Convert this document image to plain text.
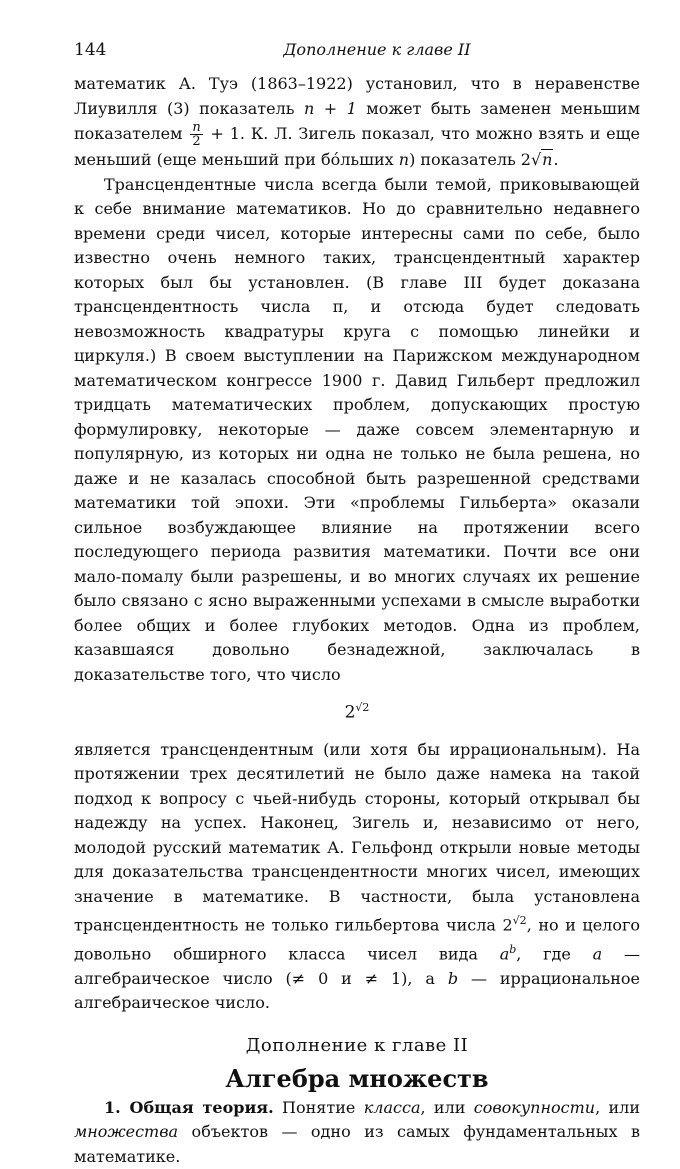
144	Дополнение к главе II

математик А. Туэ (1863–1922) установил, что в неравенстве Лиувилля (3) показатель n + 1 может быть заменен меньшим показателем $\frac{n}{2} + 1$. К. Л. Зигель показал, что можно взять и еще меньший (еще меньший при бо́льших n) показатель 2√n.

Трансцендентные числа всегда были темой, приковывающей к себе внимание математиков. Но до сравнительно недавнего времени среди чисел, которые интересны сами по себе, было известно очень немного таких, трансцендентный характер которых был бы установлен. (В главе III будет доказана трансцендентность числа π, и отсюда будет следовать невозможность квадратуры круга с помощью линейки и циркуля.) В своем выступлении на Парижском международном математическом конгрессе 1900 г. Давид Гильберт предложил тридцать математических проблем, допускающих простую формулировку, некоторые — даже совсем элементарную и популярную, из которых ни одна не только не была решена, но даже и не казалась способной быть разрешенной средствами математики той эпохи. Эти «проблемы Гильберта» оказали сильное возбуждающее влияние на протяжении всего последующего периода развития математики. Почти все они мало-помалу были разрешены, и во многих случаях их решение было связано с ясно выраженными успехами в смысле выработки более общих и более глубоких методов. Одна из проблем, казавшаяся довольно безнадежной, заключалась в доказательстве того, что число

$2^{√2}$

является трансцендентным (или хотя бы иррациональным). На протяжении трех десятилетий не было даже намека на такой подход к вопросу с чьей-нибудь стороны, который открывал бы надежду на успех. Наконец, Зигель и, независимо от него, молодой русский математик А. Гельфонд открыли новые методы для доказательства трансцендентности многих чисел, имеющих значение в математике. В частности, была установлена трансцендентность не только гильбертова числа $2^{√2}$, но и целого довольно обширного класса чисел вида $a^b$, где a — алгебраическое число (≠ 0 и ≠ 1), а b — иррациональное алгебраическое число.

Дополнение к главе II
Алгебра множеств

1. Общая теория. Понятие класса, или совокупности, или множества объектов — одно из самых фундаментальных в математике.
